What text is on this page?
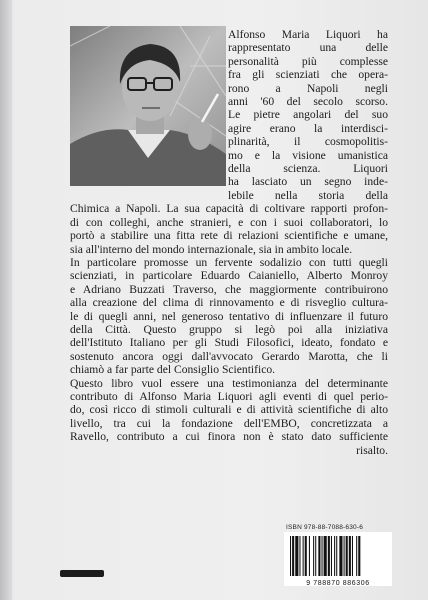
Alfonso Maria Liquori ha
rappresentato una delle
personalità più complesse
fra gli scienziati che opera-
rono a Napoli negli
anni '60 del secolo scorso.
Le pietre angolari del suo
agire erano la interdisci-
plinarità, il cosmopolitis-
mo e la visione umanistica
della scienza. Liquori
ha lasciato un segno inde-
lebile nella storia della
Chimica a Napoli. La sua capacità di coltivare rapporti profon-
di con colleghi, anche stranieri, e con i suoi collaboratori, lo
portò a stabilire una fitta rete di relazioni scientifiche e umane,
sia all'interno del mondo internazionale, sia in ambito locale.
In particolare promosse un fervente sodalizio con tutti quegli
scienziati, in particolare Eduardo Caianiello, Alberto Monroy
e Adriano Buzzati Traverso, che maggiormente contribuirono
alla creazione del clima di rinnovamento e di risveglio cultura-
le di quegli anni, nel generoso tentativo di influenzare il futuro
della Città. Questo gruppo si legò poi alla iniziativa
dell'Istituto Italiano per gli Studi Filosofici, ideato, fondato e
sostenuto ancora oggi dall'avvocato Gerardo Marotta, che li
chiamò a far parte del Consiglio Scientifico.
Questo libro vuol essere una testimonianza del determinante
contributo di Alfonso Maria Liquori agli eventi di quel perio-
do, così ricco di stimoli culturali e di attività scientifiche di alto
livello, tra cui la fondazione dell'EMBO, concretizzata a
Ravello, contributo a cui finora non è stato dato sufficiente
risalto.
ISBN 978-88-7088-630-6
9 788870 886306
